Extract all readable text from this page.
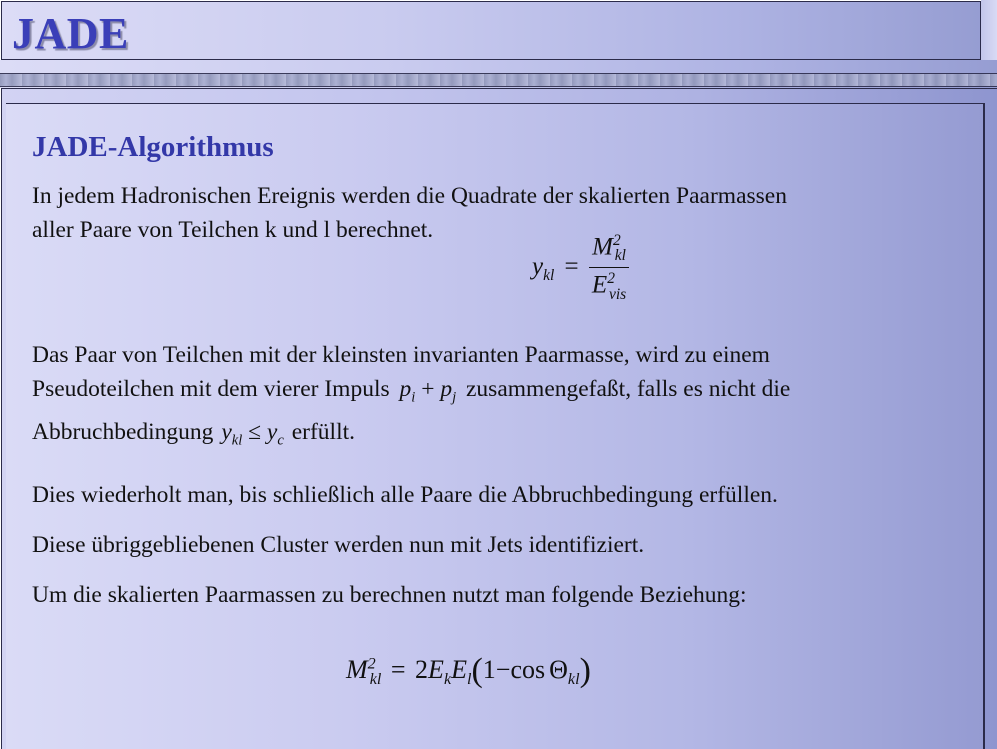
JADE
JADE-Algorithmus
In jedem Hadronischen Ereignis werden die Quadrate der skalierten Paarmassen
aller Paare von Teilchen k und l berechnet.
$y_{kl} = \frac{M^2_{kl}}{E^2_{vis}}$
Das Paar von Teilchen mit der kleinsten invarianten Paarmasse, wird zu einem
Pseudoteilchen mit dem vierer Impuls $p_i + p_j$ zusammengefaßt, falls es nicht die
Abbruchbedingung $y_{kl} \le y_c$ erfüllt.
Dies wiederholt man, bis schließlich alle Paare die Abbruchbedingung erfüllen.
Diese übriggebliebenen Cluster werden nun mit Jets identifiziert.
Um die skalierten Paarmassen zu berechnen nutzt man folgende Beziehung:
$M^2_{kl} = 2E_kE_l(1-\cos$ $\Theta_{kl}$)
